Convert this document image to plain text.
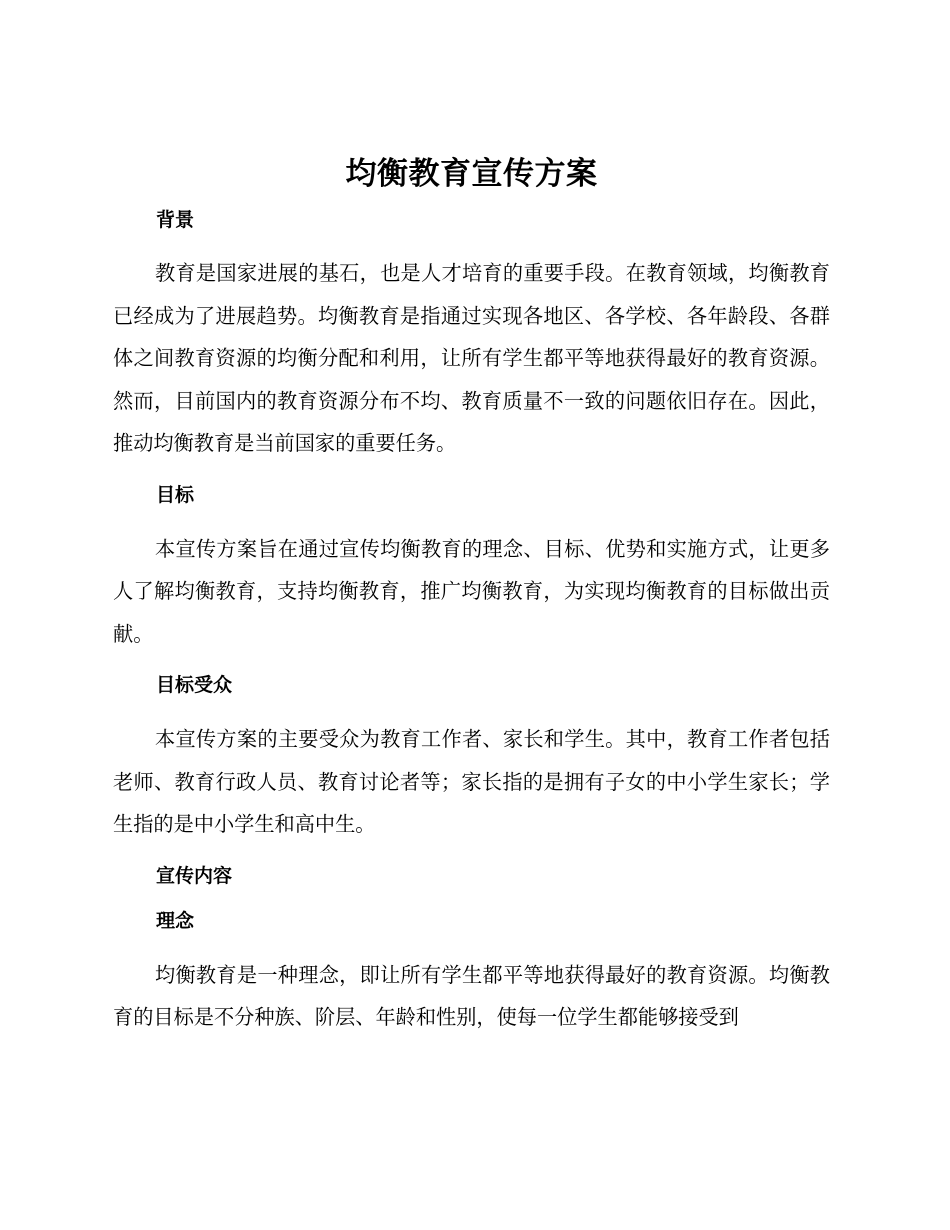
均衡教育宣传方案
背景

教育是国家进展的基石，也是人才培育的重要手段。在教育领域，均衡教育已经成为了进展趋势。均衡教育是指通过实现各地区、各学校、各年龄段、各群体之间教育资源的均衡分配和利用，让所有学生都平等地获得最好的教育资源。然而，目前国内的教育资源分布不均、教育质量不一致的问题依旧存在。因此，推动均衡教育是当前国家的重要任务。

目标

本宣传方案旨在通过宣传均衡教育的理念、目标、优势和实施方式，让更多人了解均衡教育，支持均衡教育，推广均衡教育，为实现均衡教育的目标做出贡献。

目标受众

本宣传方案的主要受众为教育工作者、家长和学生。其中，教育工作者包括老师、教育行政人员、教育讨论者等；家长指的是拥有子女的中小学生家长；学生指的是中小学生和高中生。

宣传内容
理念

均衡教育是一种理念，即让所有学生都平等地获得最好的教育资源。均衡教育的目标是不分种族、阶层、年龄和性别，使每一位学生都能够接受到
